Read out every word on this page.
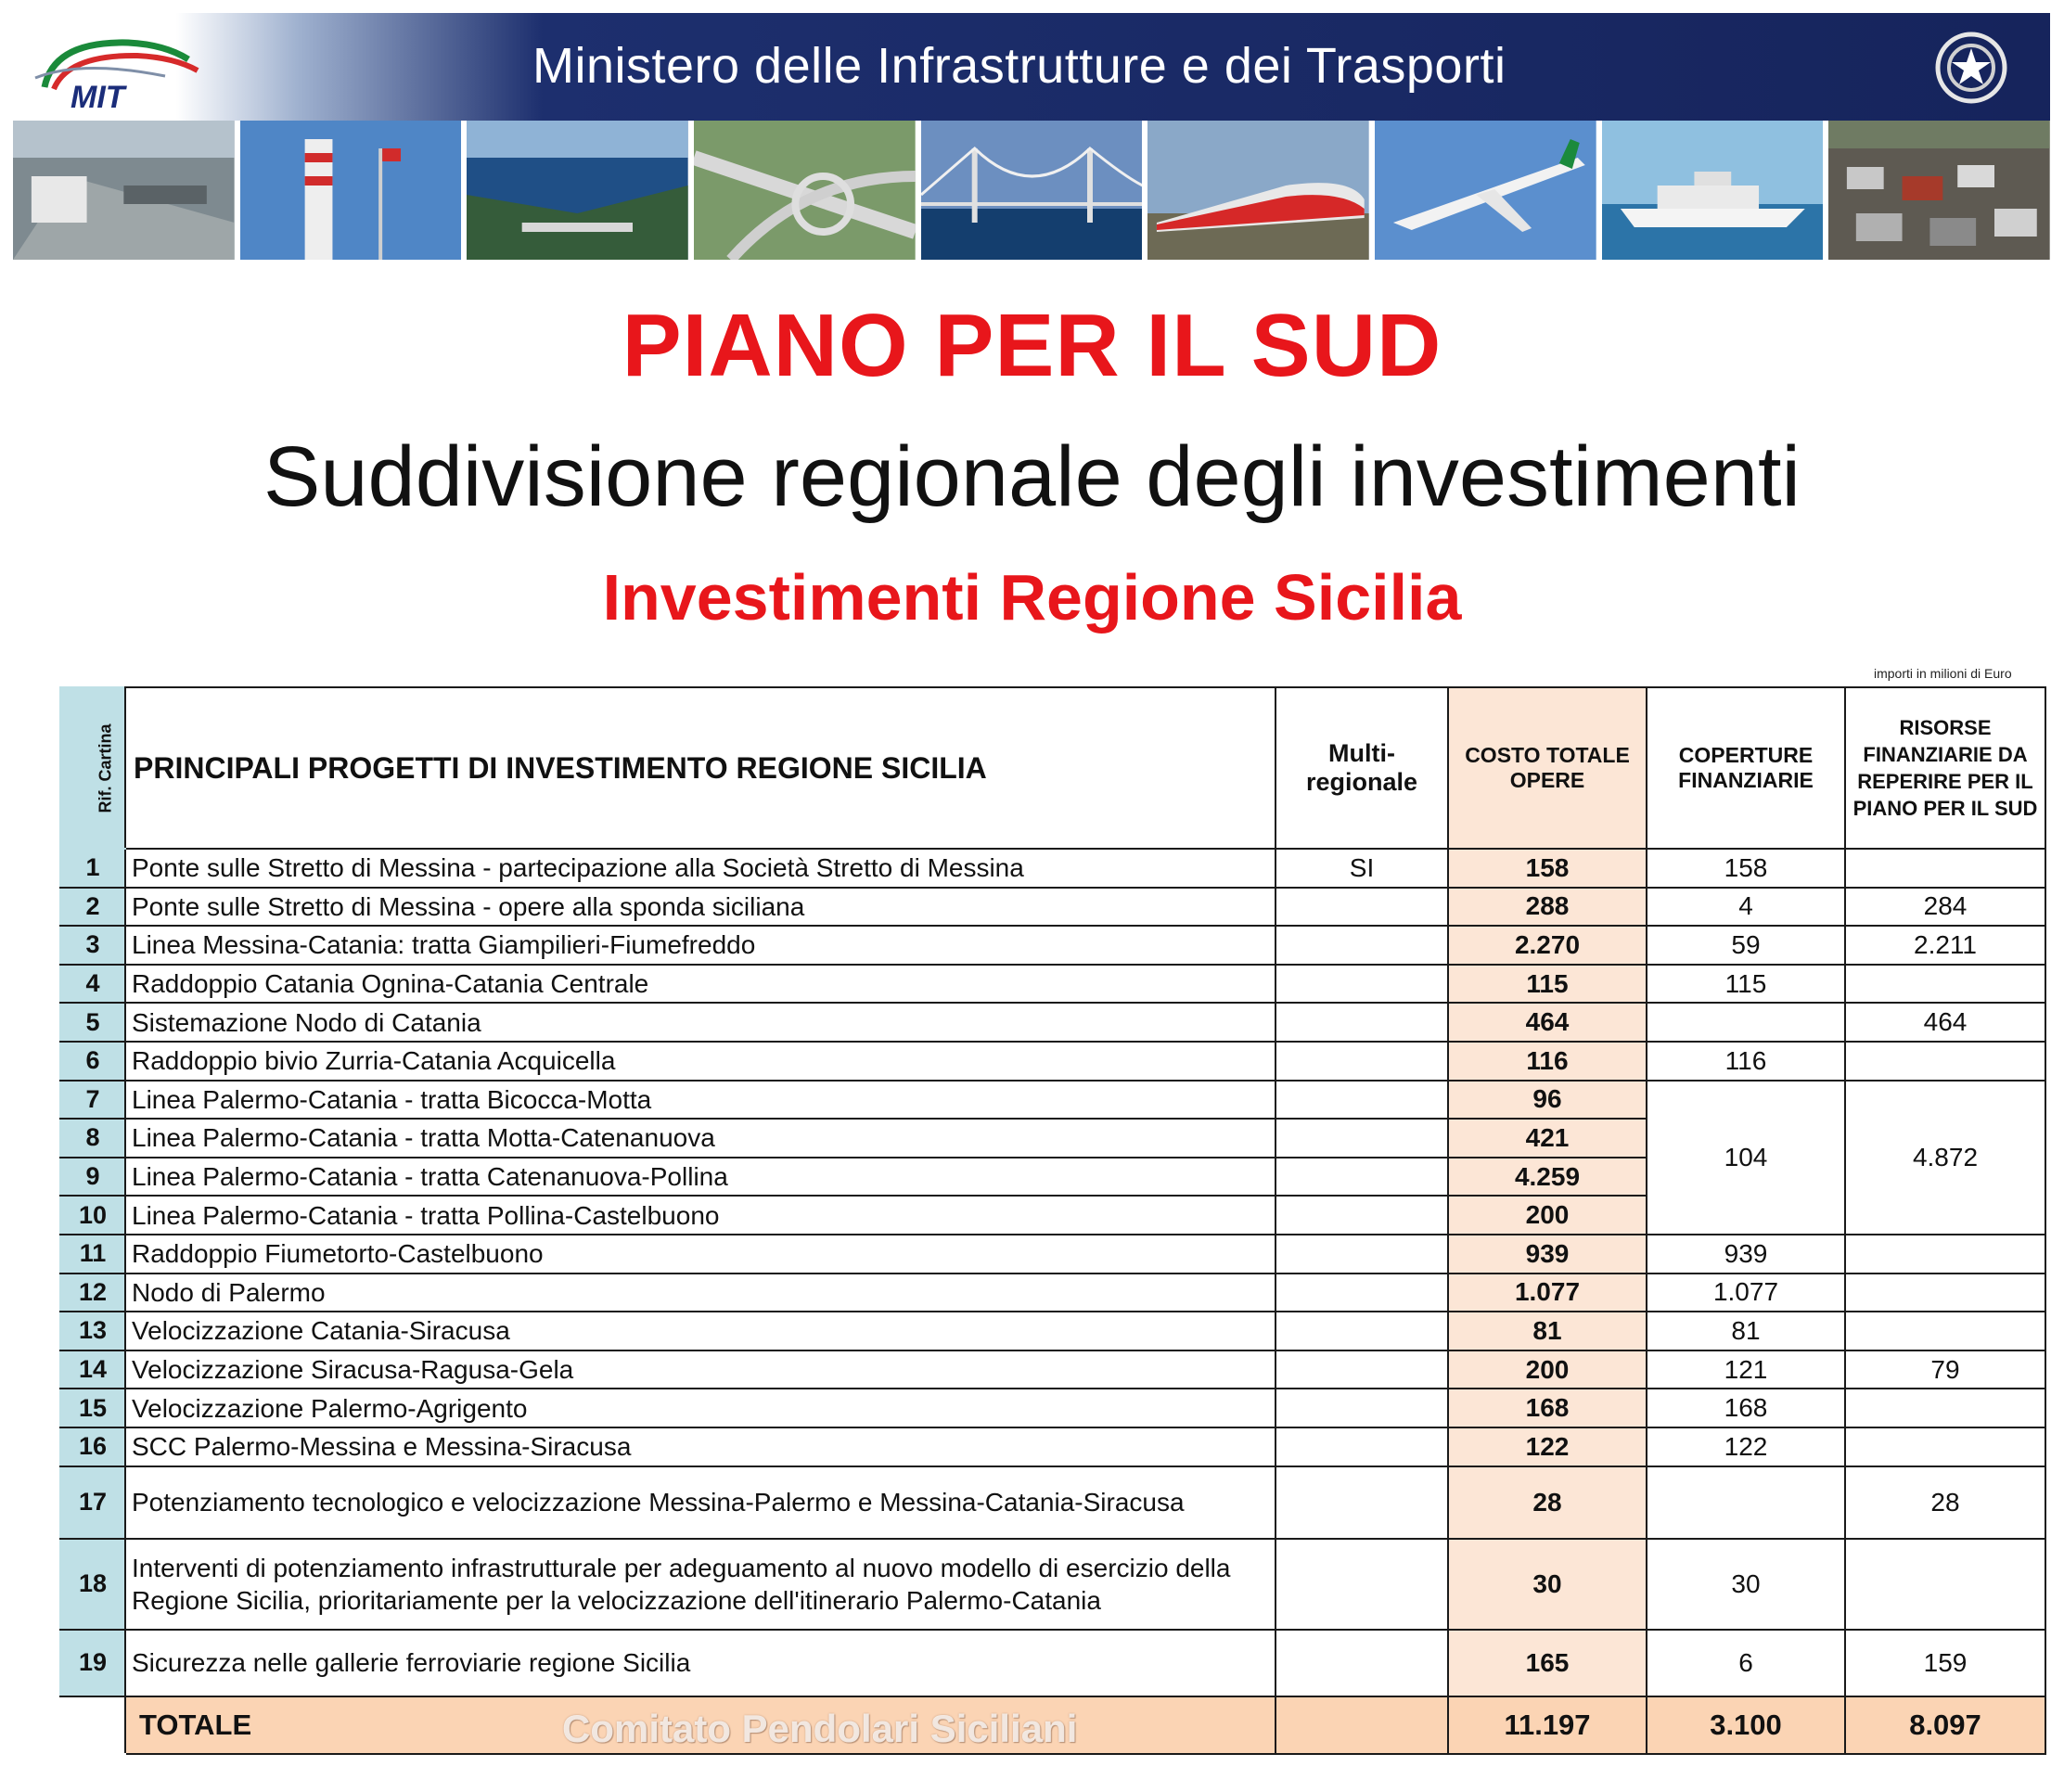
MIT
Ministero delle Infrastrutture e dei Trasporti
PIANO PER IL SUD
Suddivisione regionale degli investimenti
Investimenti Regione Sicilia
importi in milioni di Euro
Rif. Cartina	PRINCIPALI PROGETTI DI INVESTIMENTO REGIONE SICILIA	Multi-regionale	COSTO TOTALE OPERE	COPERTURE FINANZIARIE	RISORSE FINANZIARIE DA REPERIRE PER IL PIANO PER IL SUD
1	Ponte sulle Stretto di Messina - partecipazione alla Società Stretto di Messina	SI	158	158	
2	Ponte sulle Stretto di Messina - opere alla sponda siciliana		288	4	284
3	Linea Messina-Catania: tratta Giampilieri-Fiumefreddo		2.270	59	2.211
4	Raddoppio Catania Ognina-Catania Centrale		115	115	
5	Sistemazione Nodo di Catania		464		464
6	Raddoppio bivio Zurria-Catania Acquicella		116	116	
7	Linea Palermo-Catania - tratta Bicocca-Motta		96	104	4.872
8	Linea Palermo-Catania - tratta Motta-Catenanuova		421		
9	Linea Palermo-Catania - tratta Catenanuova-Pollina		4.259		
10	Linea Palermo-Catania - tratta Pollina-Castelbuono		200		
11	Raddoppio Fiumetorto-Castelbuono		939	939	
12	Nodo di Palermo		1.077	1.077	
13	Velocizzazione Catania-Siracusa		81	81	
14	Velocizzazione Siracusa-Ragusa-Gela		200	121	79
15	Velocizzazione Palermo-Agrigento		168	168	
16	SCC Palermo-Messina e Messina-Siracusa		122	122	
17	Potenziamento tecnologico e velocizzazione Messina-Palermo e Messina-Catania-Siracusa		28		28
18	Interventi di potenziamento infrastrutturale per adeguamento al nuovo modello di esercizio della Regione Sicilia, prioritariamente per la velocizzazione dell'itinerario Palermo-Catania		30	30	
19	Sicurezza nelle gallerie ferroviarie regione Sicilia		165	6	159
	TOTALE Comitato Pendolari Siciliani		11.197	3.100	8.097
